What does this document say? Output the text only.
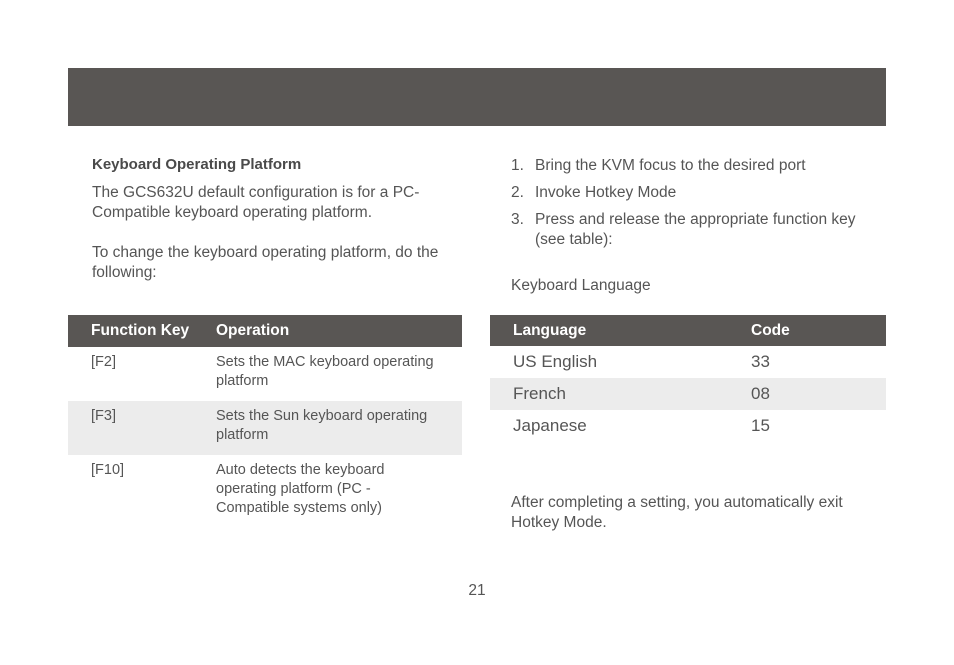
Keyboard Operating Platform

The GCS632U default configuration is for a PC-Compatible keyboard operating platform.

To change the keyboard operating platform, do the following:

Function Key	Operation
[F2]	Sets the MAC keyboard operating platform
[F3]	Sets the Sun keyboard operating platform
[F10]	Auto detects the keyboard operating platform (PC - Compatible systems only)
1. Bring the KVM focus to the desired port
2. Invoke Hotkey Mode
3. Press and release the appropriate function key (see table):

Keyboard Language

Language	Code
US English	33
French	08
Japanese	15

After completing a setting, you automatically exit Hotkey Mode.

21
